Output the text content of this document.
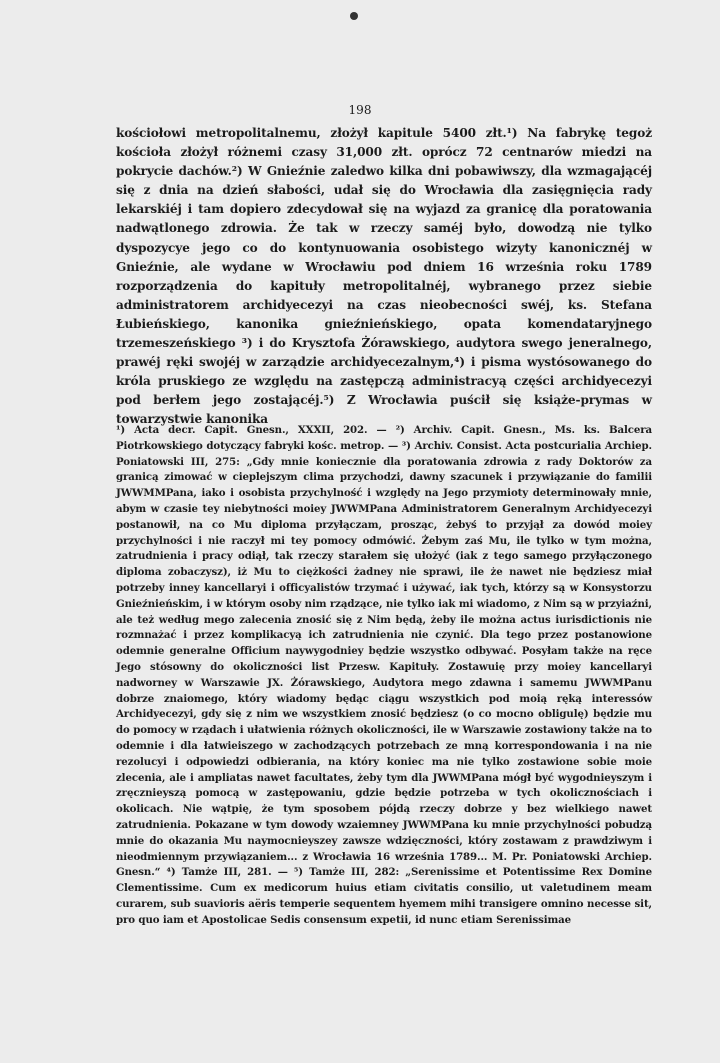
198
kościołowi metropolitalnemu, złożył kapitule 5400 złt.¹) Na fabrykę tegoż kościoła złożył różnemi czasy 31,000 złt. oprócz 72 centnarów miedzi na pokrycie dachów.²) W Gnieźnie zaledwo kilka dni pobawiwszy, dla wzmagającéj się z dnia na dzień słabości, udał się do Wrocławia dla zasięgnięcia rady lekarskiéj i tam dopiero zdecydował się na wyjazd za granicę dla poratowania nadwątlonego zdrowia. Że tak w rzeczy saméj było, dowodzą nie tylko dyspozycye jego co do kontynuowania osobistego wizyty kanonicznéj w Gnieźnie, ale wydane w Wrocławiu pod dniem 16 września roku 1789 rozporządzenia do kapituły metropolitalnéj, wybranego przez siebie administratorem archidyecezyi na czas nieobecności swéj, ks. Stefana Łubieńskiego, kanonika gnieźnieńskiego, opata komendataryjnego trzemeszeńskiego ³) i do Krysztofa Żórawskiego, audytora swego jeneralnego, prawéj ręki swojéj w zarządzie archidyecezalnym,⁴) i pisma wystósowanego do króla pruskiego ze względu na zastępczą administracyą części archidyecezyi pod berłem jego zostającéj.⁵) Z Wrocławia puścił się książe-prymas w towarzystwie kanonika
¹) Acta decr. Capit. Gnesn., XXXII, 202. — ²) Archiv. Capit. Gnesn., Ms. ks. Balcera Piotrkowskiego dotyczący fabryki kośc. metrop. — ³) Archiv. Consist. Acta postcurialia Archiep. Poniatowski III, 275: „Gdy mnie koniecznie dla poratowania zdrowia z rady Doktorów za granicą zimować w cieplejszym clima przychodzi, dawny szacunek i przywiązanie do familii JWWMMPana, iako i osobista przychylność i względy na Jego przymioty determinowały mnie, abym w czasie tey niebytności moiey JWWMPana Administratorem Generalnym Archidyecezyi postanowił, na co Mu diploma przyłączam, prosząc, żebyś to przyjął za dowód moiey przychylności i nie raczył mi tey pomocy odmówić. Żebym zaś Mu, ile tylko w tym można, zatrudnienia i pracy odiął, tak rzeczy starałem się ułożyć (iak z tego samego przyłączonego diploma zobaczysz), iż Mu to ciężkości żadney nie sprawi, ile że nawet nie będziesz miał potrzeby inney kancellaryi i officyalistów trzymać i używać, iak tych, którzy są w Konsystorzu Gnieźnieńskim, i w którym osoby nim rządzące, nie tylko iak mi wiadomo, z Nim są w przyiaźni, ale też według mego zalecenia znosić się z Nim będą, żeby ile można actus iurisdictionis nie rozmnażać i przez komplikacyą ich zatrudnienia nie czynić. Dla tego przez postanowione odemnie generalne Officium naywygodniey będzie wszystko odbywać. Posyłam także na ręce Jego stósowny do okoliczności list Przesw. Kapituły. Zostawuię przy moiey kancellaryi nadworney w Warszawie JX. Żórawskiego, Audytora mego zdawna i samemu JWWMPanu dobrze znaiomego, który wiadomy będąc ciągu wszystkich pod moią ręką interessów Archidyecezyi, gdy się z nim we wszystkiem znosić będziesz (o co mocno obligulę) będzie mu do pomocy w rządach i ułatwienia różnych okoliczności, ile w Warszawie zostawiony także na to odemnie i dla łatwieiszego w zachodzących potrzebach ze mną korrespondowania i na nie rezolucyi i odpowiedzi odbierania, na który koniec ma nie tylko zostawione sobie moie zlecenia, ale i ampliatas nawet facultates, żeby tym dla JWWMPana mógł być wygodnieyszym i zręcznieyszą pomocą w zastępowaniu, gdzie będzie potrzeba w tych okolicznościach i okolicach. Nie wątpię, że tym sposobem pójdą rzeczy dobrze y bez wielkiego nawet zatrudnienia. Pokazane w tym dowody wzaiemney JWWMPana ku mnie przychylności pobudzą mnie do okazania Mu naymocnieyszey zawsze wdzięczności, który zostawam z prawdziwym i nieodmiennym przywiązaniem... z Wrocławia 16 września 1789... M. Pr. Poniatowski Archiep. Gnesn.“ ⁴) Tamże III, 281. — ⁵) Tamże III, 282: „Serenissime et Potentissime Rex Domine Clementissime. Cum ex medicorum huius etiam civitatis consilio, ut valetudinem meam curarem, sub suavioris aëris temperie sequentem hyemem mihi transigere omnino necesse sit, pro quo iam et Apostolicae Sedis consensum expetii, id nunc etiam Serenissimae
